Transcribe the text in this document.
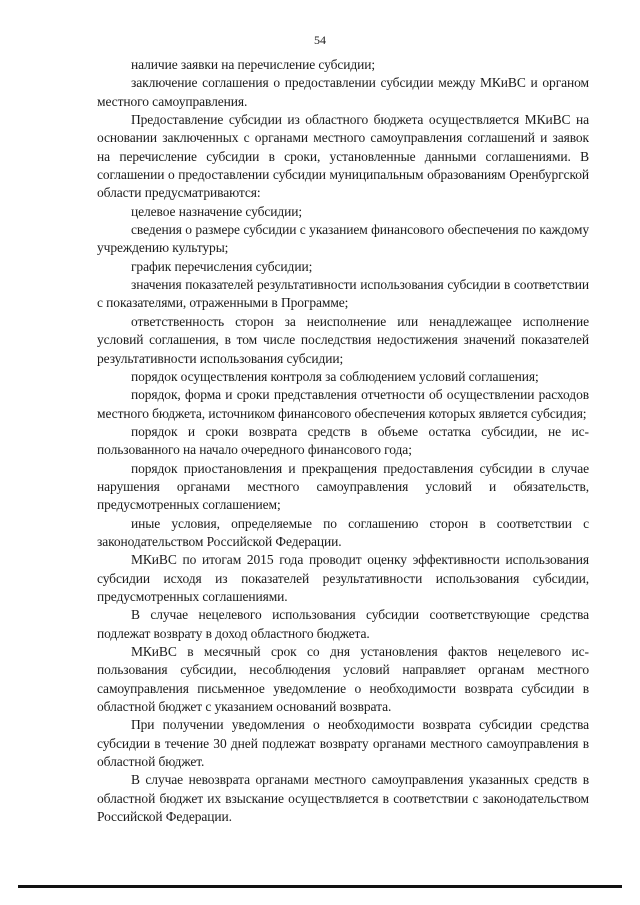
54

наличие заявки на перечисление субсидии;

заключение соглашения о предоставлении субсидии между МКиВС и органом местного самоуправления.

Предоставление субсидии из областного бюджета осуществляется МКиВС на основании заключенных с органами местного самоуправления соглашений и заявок на перечисление субсидии в сроки, установленные данными соглашениями. В соглашении о предоставлении субсидии муниципальным образованиям Оренбургской области предусматриваются:

целевое назначение субсидии;

сведения о размере субсидии с указанием финансового обеспечения по каждому учреждению культуры;

график перечисления субсидии;

значения показателей результативности использования субсидии в соответствии с показателями, отраженными в Программе;

ответственность сторон за неисполнение или ненадлежащее исполнение условий соглашения, в том числе последствия недостижения значений показателей результативности использования субсидии;

порядок осуществления контроля за соблюдением условий соглашения;

порядок, форма и сроки представления отчетности об осуществлении расходов местного бюджета, источником финансового обеспечения которых является субсидия;

порядок и сроки возврата средств в объеме остатка субсидии, не использованного на начало очередного финансового года;

порядок приостановления и прекращения предоставления субсидии в случае нарушения органами местного самоуправления условий и обязательств, предусмотренных соглашением;

иные условия, определяемые по соглашению сторон в соответствии с законодательством Российской Федерации.

МКиВС по итогам 2015 года проводит оценку эффективности использования субсидии исходя из показателей результативности использования субсидии, предусмотренных соглашениями.

В случае нецелевого использования субсидии соответствующие средства подлежат возврату в доход областного бюджета.

МКиВС в месячный срок со дня установления фактов нецелевого использования субсидии, несоблюдения условий направляет органам местного самоуправления письменное уведомление о необходимости возврата субсидии в областной бюджет с указанием оснований возврата.

При получении уведомления о необходимости возврата субсидии средства субсидии в течение 30 дней подлежат возврату органами местного самоуправления в областной бюджет.

В случае невозврата органами местного самоуправления указанных средств в областной бюджет их взыскание осуществляется в соответствии с законодательством Российской Федерации.
